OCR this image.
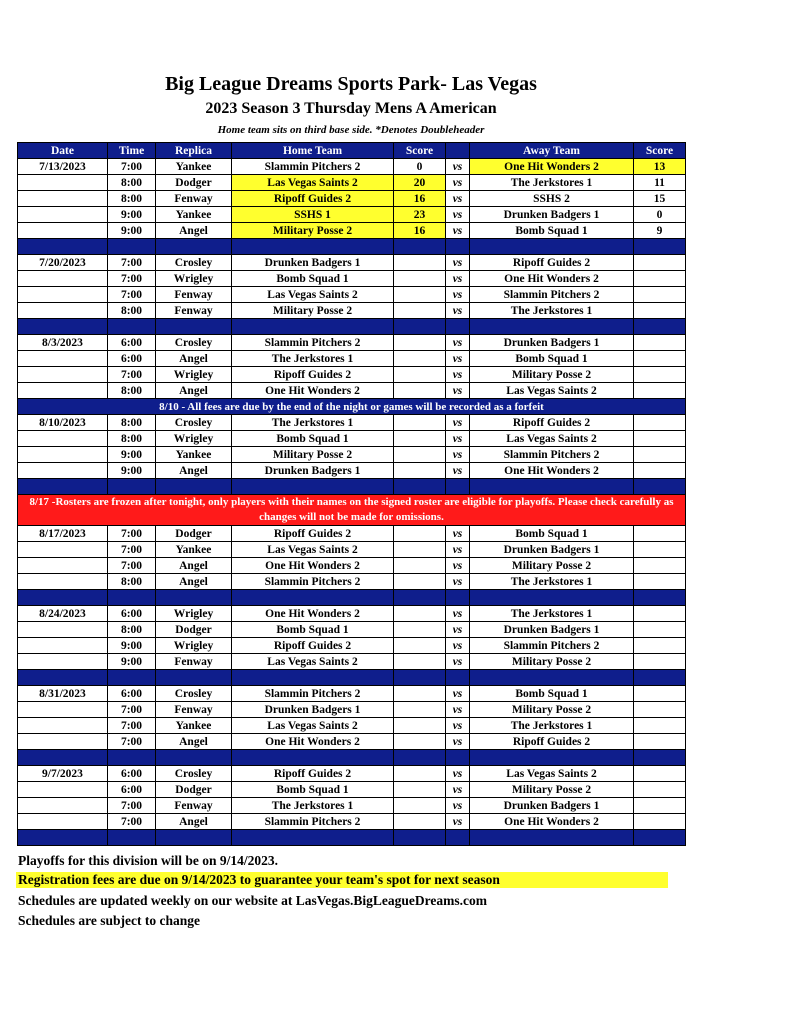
Big League Dreams Sports Park- Las Vegas
2023 Season 3 Thursday Mens A American
Home team sits on third base side. *Denotes Doubleheader
Date	Time	Replica	Home Team	Score		Away Team	Score
7/13/2023	7:00	Yankee	Slammin Pitchers 2	0	vs	One Hit Wonders 2	13
	8:00	Dodger	Las Vegas Saints 2	20	vs	The Jerkstores 1	11
	8:00	Fenway	Ripoff Guides 2	16	vs	SSHS 2	15
	9:00	Yankee	SSHS 1	23	vs	Drunken Badgers 1	0
	9:00	Angel	Military Posse 2	16	vs	Bomb Squad 1	9

7/20/2023	7:00	Crosley	Drunken Badgers 1		vs	Ripoff Guides 2	
	7:00	Wrigley	Bomb Squad 1		vs	One Hit Wonders 2	
	7:00	Fenway	Las Vegas Saints 2		vs	Slammin Pitchers 2	
	8:00	Fenway	Military Posse 2		vs	The Jerkstores 1	

8/3/2023	6:00	Crosley	Slammin Pitchers 2		vs	Drunken Badgers 1	
	6:00	Angel	The Jerkstores 1		vs	Bomb Squad 1	
	7:00	Wrigley	Ripoff Guides 2		vs	Military Posse 2	
	8:00	Angel	One Hit Wonders 2		vs	Las Vegas Saints 2	
8/10 - All fees are due by the end of the night or games will be recorded as a forfeit							
8/10/2023	8:00	Crosley	The Jerkstores 1		vs	Ripoff Guides 2	
	8:00	Wrigley	Bomb Squad 1		vs	Las Vegas Saints 2	
	9:00	Yankee	Military Posse 2		vs	Slammin Pitchers 2	
	9:00	Angel	Drunken Badgers 1		vs	One Hit Wonders 2	

8/17 -Rosters are frozen after tonight, only players with their names on the signed roster are eligible for playoffs. Please check carefully as changes will not be made for omissions.							
8/17/2023	7:00	Dodger	Ripoff Guides 2		vs	Bomb Squad 1	
	7:00	Yankee	Las Vegas Saints 2		vs	Drunken Badgers 1	
	7:00	Angel	One Hit Wonders 2		vs	Military Posse 2	
	8:00	Angel	Slammin Pitchers 2		vs	The Jerkstores 1	

8/24/2023	6:00	Wrigley	One Hit Wonders 2		vs	The Jerkstores 1	
	8:00	Dodger	Bomb Squad 1		vs	Drunken Badgers 1	
	9:00	Wrigley	Ripoff Guides 2		vs	Slammin Pitchers 2	
	9:00	Fenway	Las Vegas Saints 2		vs	Military Posse 2	

8/31/2023	6:00	Crosley	Slammin Pitchers 2		vs	Bomb Squad 1	
	7:00	Fenway	Drunken Badgers 1		vs	Military Posse 2	
	7:00	Yankee	Las Vegas Saints 2		vs	The Jerkstores 1	
	7:00	Angel	One Hit Wonders 2		vs	Ripoff Guides 2	

9/7/2023	6:00	Crosley	Ripoff Guides 2		vs	Las Vegas Saints 2	
	6:00	Dodger	Bomb Squad 1		vs	Military Posse 2	
	7:00	Fenway	The Jerkstores 1		vs	Drunken Badgers 1	
	7:00	Angel	Slammin Pitchers 2		vs	One Hit Wonders 2	

Playoffs for this division will be on 9/14/2023.
Registration fees are due on 9/14/2023 to guarantee your team's spot for next season
Schedules are updated weekly on our website at LasVegas.BigLeagueDreams.com
Schedules are subject to change
